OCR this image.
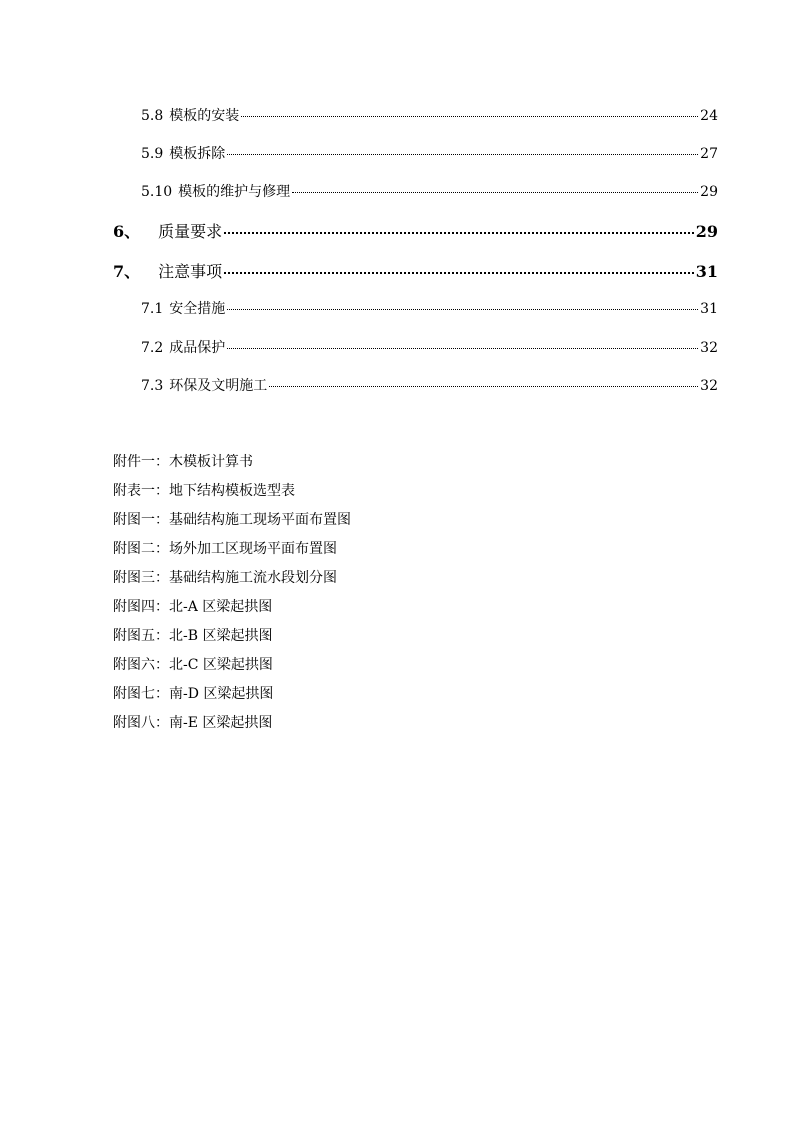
5.8 模板的安装	24
5.9 模板拆除	27
5.10 模板的维护与修理	29
6、 质量要求	29
7、 注意事项	31
7.1 安全措施	31
7.2 成品保护	32
7.3 环保及文明施工	32
附件一：木模板计算书
附表一：地下结构模板选型表
附图一：基础结构施工现场平面布置图
附图二：场外加工区现场平面布置图
附图三：基础结构施工流水段划分图
附图四：北-A 区梁起拱图
附图五：北-B 区梁起拱图
附图六：北-C 区梁起拱图
附图七：南-D 区梁起拱图
附图八：南-E 区梁起拱图
